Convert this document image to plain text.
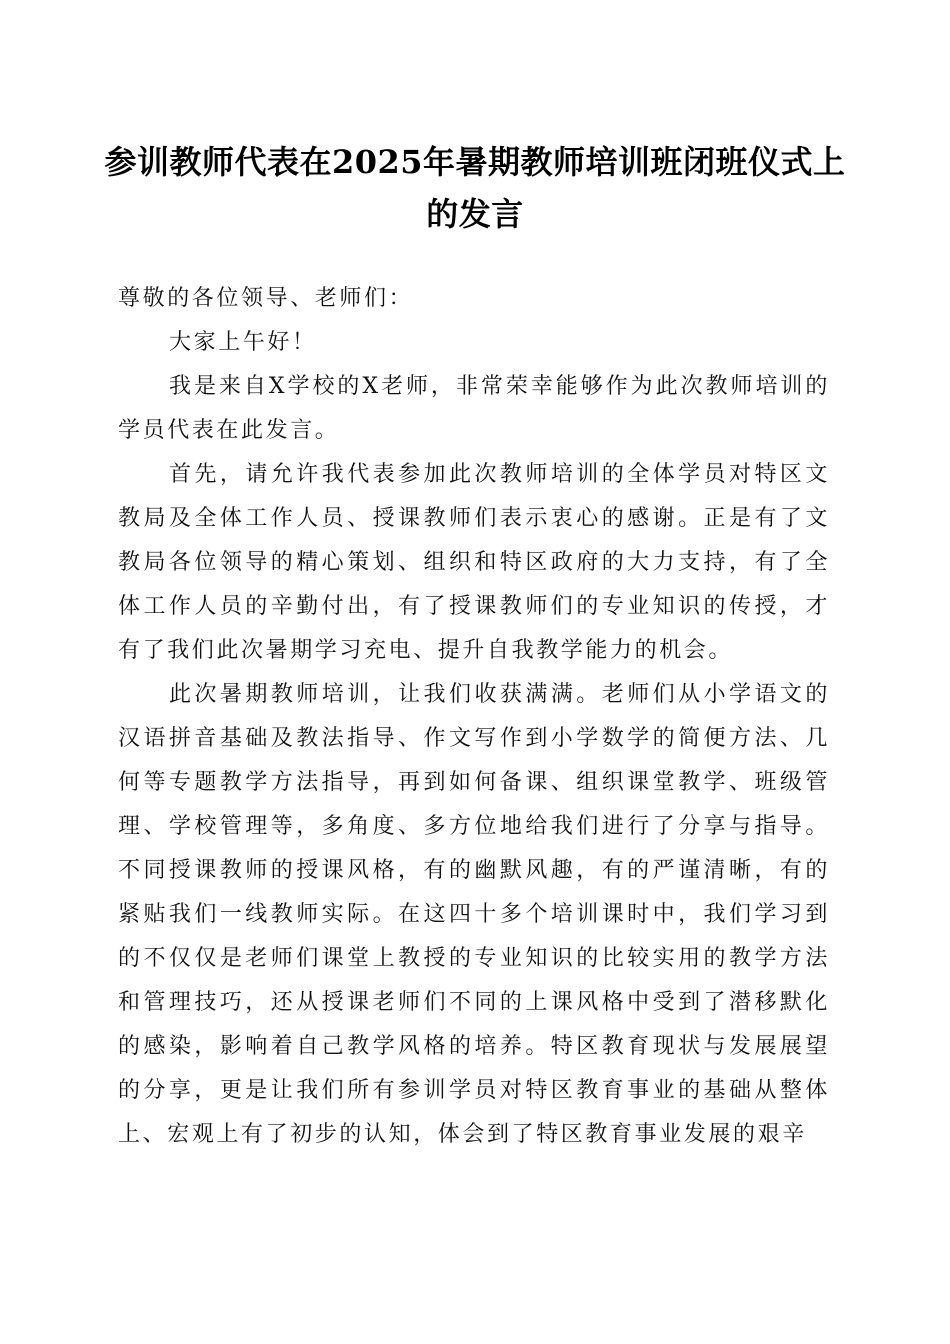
参训教师代表在2025年暑期教师培训班闭班仪式上的发言

尊敬的各位领导、老师们：

大家上午好！

我是来自X学校的X老师，非常荣幸能够作为此次教师培训的学员代表在此发言。

首先，请允许我代表参加此次教师培训的全体学员对特区文教局及全体工作人员、授课教师们表示衷心的感谢。正是有了文教局各位领导的精心策划、组织和特区政府的大力支持，有了全体工作人员的辛勤付出，有了授课教师们的专业知识的传授，才有了我们此次暑期学习充电、提升自我教学能力的机会。

此次暑期教师培训，让我们收获满满。老师们从小学语文的汉语拼音基础及教法指导、作文写作到小学数学的简便方法、几何等专题教学方法指导，再到如何备课、组织课堂教学、班级管理、学校管理等，多角度、多方位地给我们进行了分享与指导。不同授课教师的授课风格，有的幽默风趣，有的严谨清晰，有的紧贴我们一线教师实际。在这四十多个培训课时中，我们学习到的不仅仅是老师们课堂上教授的专业知识的比较实用的教学方法和管理技巧，还从授课老师们不同的上课风格中受到了潜移默化的感染，影响着自己教学风格的培养。特区教育现状与发展展望的分享，更是让我们所有参训学员对特区教育事业的基础从整体上、宏观上有了初步的认知，体会到了特区教育事业发展的艰辛
